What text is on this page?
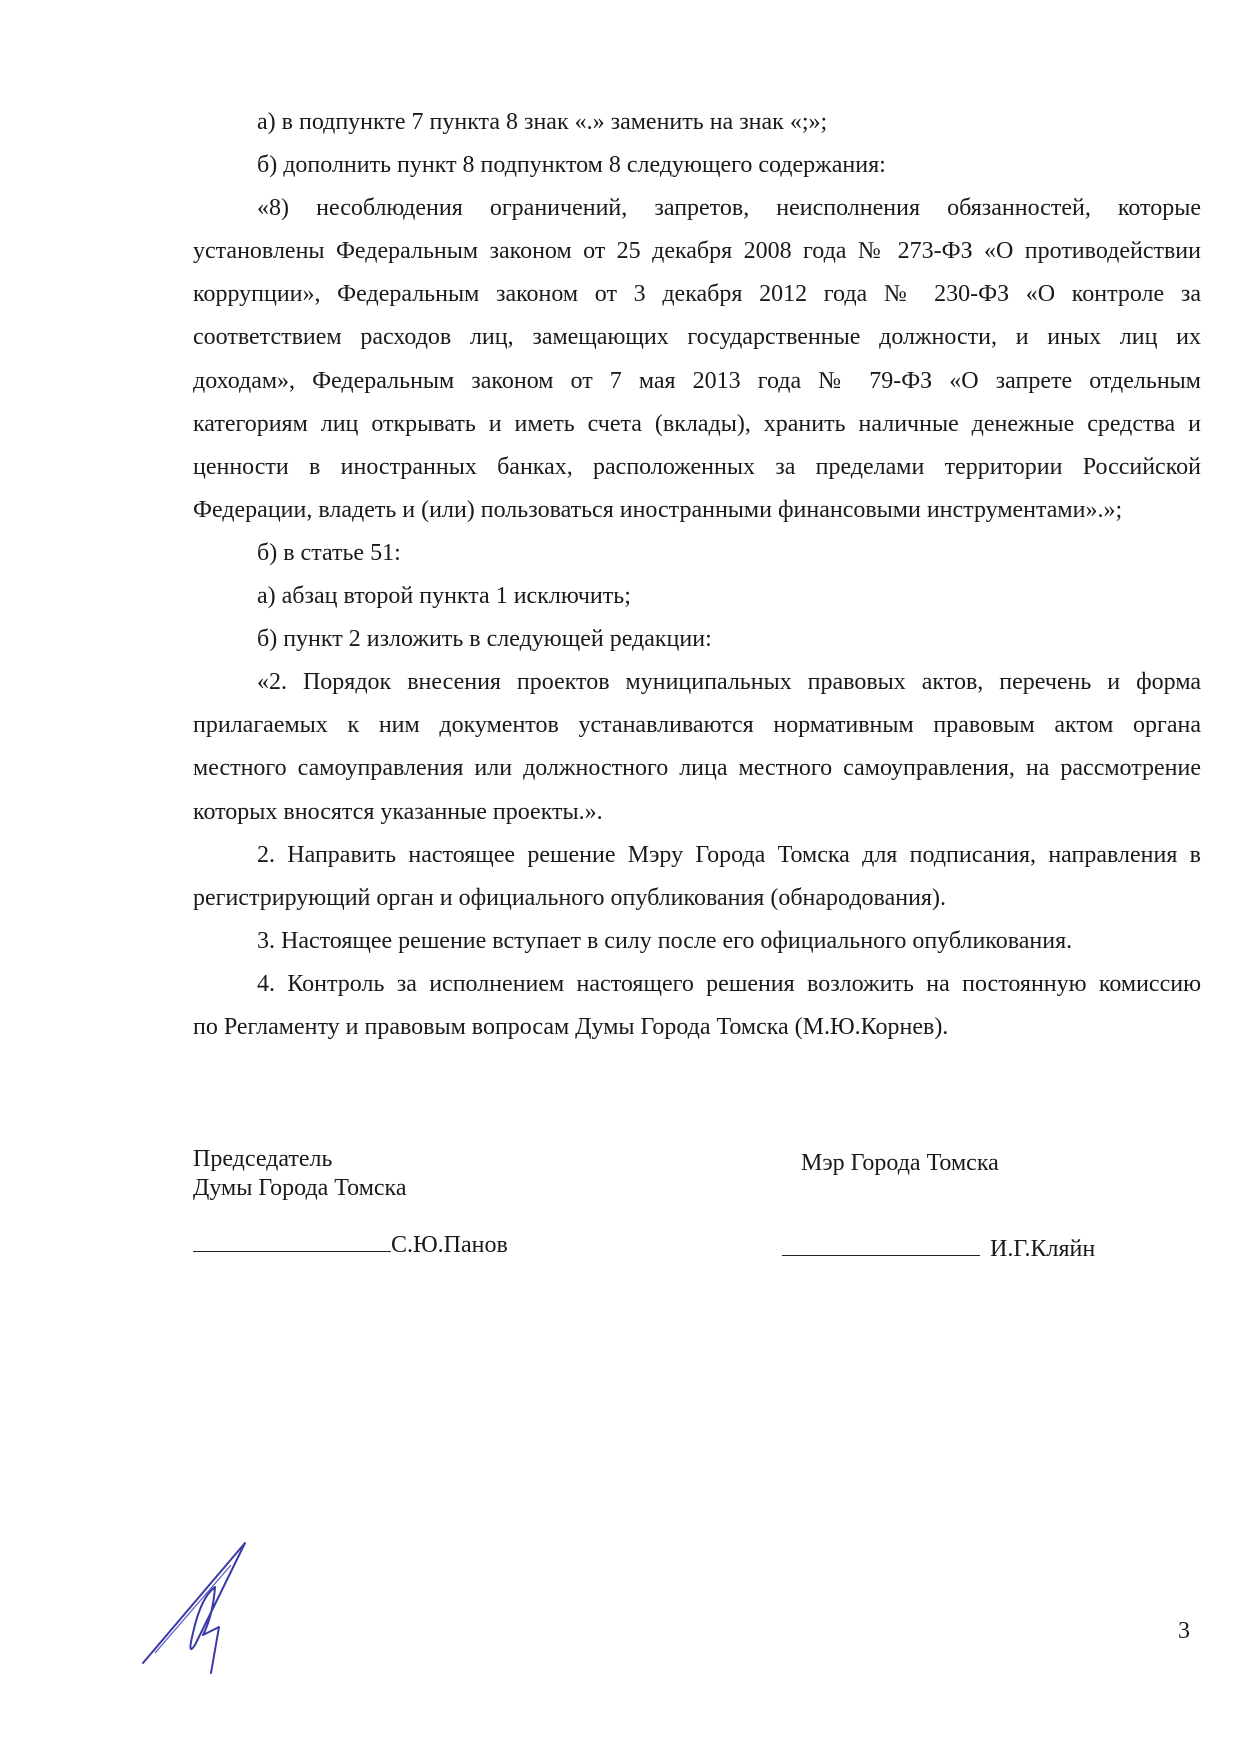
а) в подпункте 7 пункта 8 знак «.» заменить на знак «;»;
б) дополнить пункт 8 подпунктом 8 следующего содержания:
«8) несоблюдения ограничений, запретов, неисполнения обязанностей, которые
установлены Федеральным законом от 25 декабря 2008 года № 273-ФЗ «О противодействии
коррупции», Федеральным законом от 3 декабря 2012 года № 230-ФЗ «О контроле за
соответствием расходов лиц, замещающих государственные должности, и иных лиц их
доходам», Федеральным законом от 7 мая 2013 года № 79-ФЗ «О запрете отдельным
категориям лиц открывать и иметь счета (вклады), хранить наличные денежные средства и
ценности в иностранных банках, расположенных за пределами территории Российской
Федерации, владеть и (или) пользоваться иностранными финансовыми инструментами».»;
б) в статье 51:
а) абзац второй пункта 1 исключить;
б) пункт 2 изложить в следующей редакции:
«2. Порядок внесения проектов муниципальных правовых актов, перечень и форма
прилагаемых к ним документов устанавливаются нормативным правовым актом органа
местного самоуправления или должностного лица местного самоуправления, на рассмотрение
которых вносятся указанные проекты.».
2. Направить настоящее решение Мэру Города Томска для подписания, направления в
регистрирующий орган и официального опубликования (обнародования).
3. Настоящее решение вступает в силу после его официального опубликования.
4. Контроль за исполнением настоящего решения возложить на постоянную комиссию
по Регламенту и правовым вопросам Думы Города Томска (М.Ю.Корнев).
Председатель
Думы Города Томска
Мэр Города Томска
С.Ю.Панов	И.Г.Кляйн
3
